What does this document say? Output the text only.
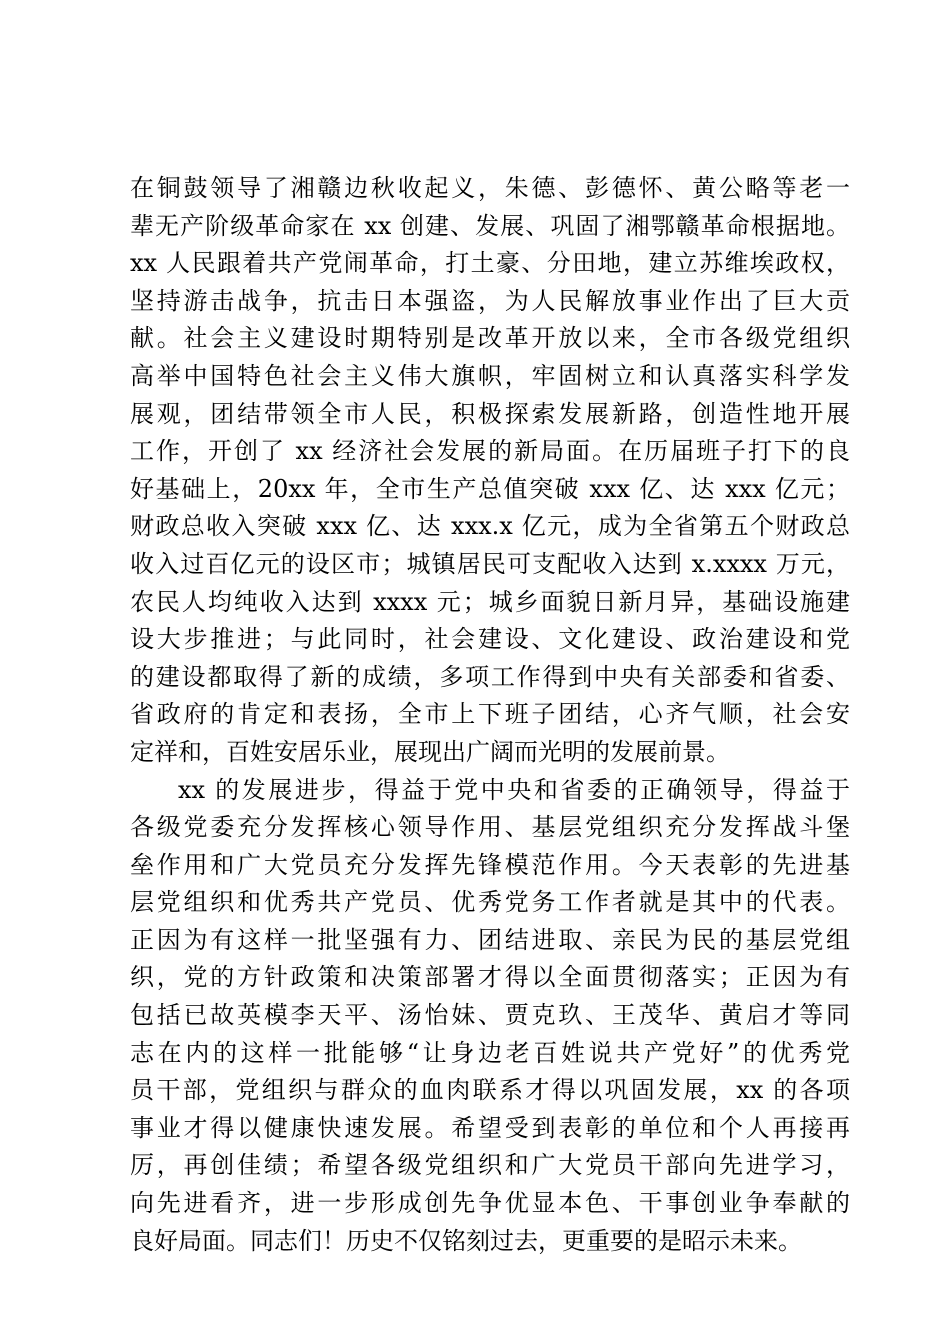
在铜鼓领导了湘赣边秋收起义，朱德、彭德怀、黄公略等老一
辈无产阶级革命家在 xx 创建、发展、巩固了湘鄂赣革命根据地。
xx 人民跟着共产党闹革命，打土豪、分田地，建立苏维埃政权，
坚持游击战争，抗击日本强盗，为人民解放事业作出了巨大贡
献。社会主义建设时期特别是改革开放以来，全市各级党组织
高举中国特色社会主义伟大旗帜，牢固树立和认真落实科学发
展观，团结带领全市人民，积极探索发展新路，创造性地开展
工作，开创了 xx 经济社会发展的新局面。在历届班子打下的良
好基础上，20xx 年，全市生产总值突破 xxx 亿、达 xxx 亿元；
财政总收入突破 xxx 亿、达 xxx.x 亿元，成为全省第五个财政总
收入过百亿元的设区市；城镇居民可支配收入达到 x.xxxx 万元，
农民人均纯收入达到 xxxx 元；城乡面貌日新月异，基础设施建
设大步推进；与此同时，社会建设、文化建设、政治建设和党
的建设都取得了新的成绩，多项工作得到中央有关部委和省委、
省政府的肯定和表扬，全市上下班子团结，心齐气顺，社会安
定祥和，百姓安居乐业，展现出广阔而光明的发展前景。
xx 的发展进步，得益于党中央和省委的正确领导，得益于
各级党委充分发挥核心领导作用、基层党组织充分发挥战斗堡
垒作用和广大党员充分发挥先锋模范作用。今天表彰的先进基
层党组织和优秀共产党员、优秀党务工作者就是其中的代表。
正因为有这样一批坚强有力、团结进取、亲民为民的基层党组
织，党的方针政策和决策部署才得以全面贯彻落实；正因为有
包括已故英模李天平、汤怡妹、贾克玖、王茂华、黄启才等同
志在内的这样一批能够“让身边老百姓说共产党好”的优秀党
员干部，党组织与群众的血肉联系才得以巩固发展，xx 的各项
事业才得以健康快速发展。希望受到表彰的单位和个人再接再
厉，再创佳绩；希望各级党组织和广大党员干部向先进学习，
向先进看齐，进一步形成创先争优显本色、干事创业争奉献的
良好局面。同志们！历史不仅铭刻过去，更重要的是昭示未来。
